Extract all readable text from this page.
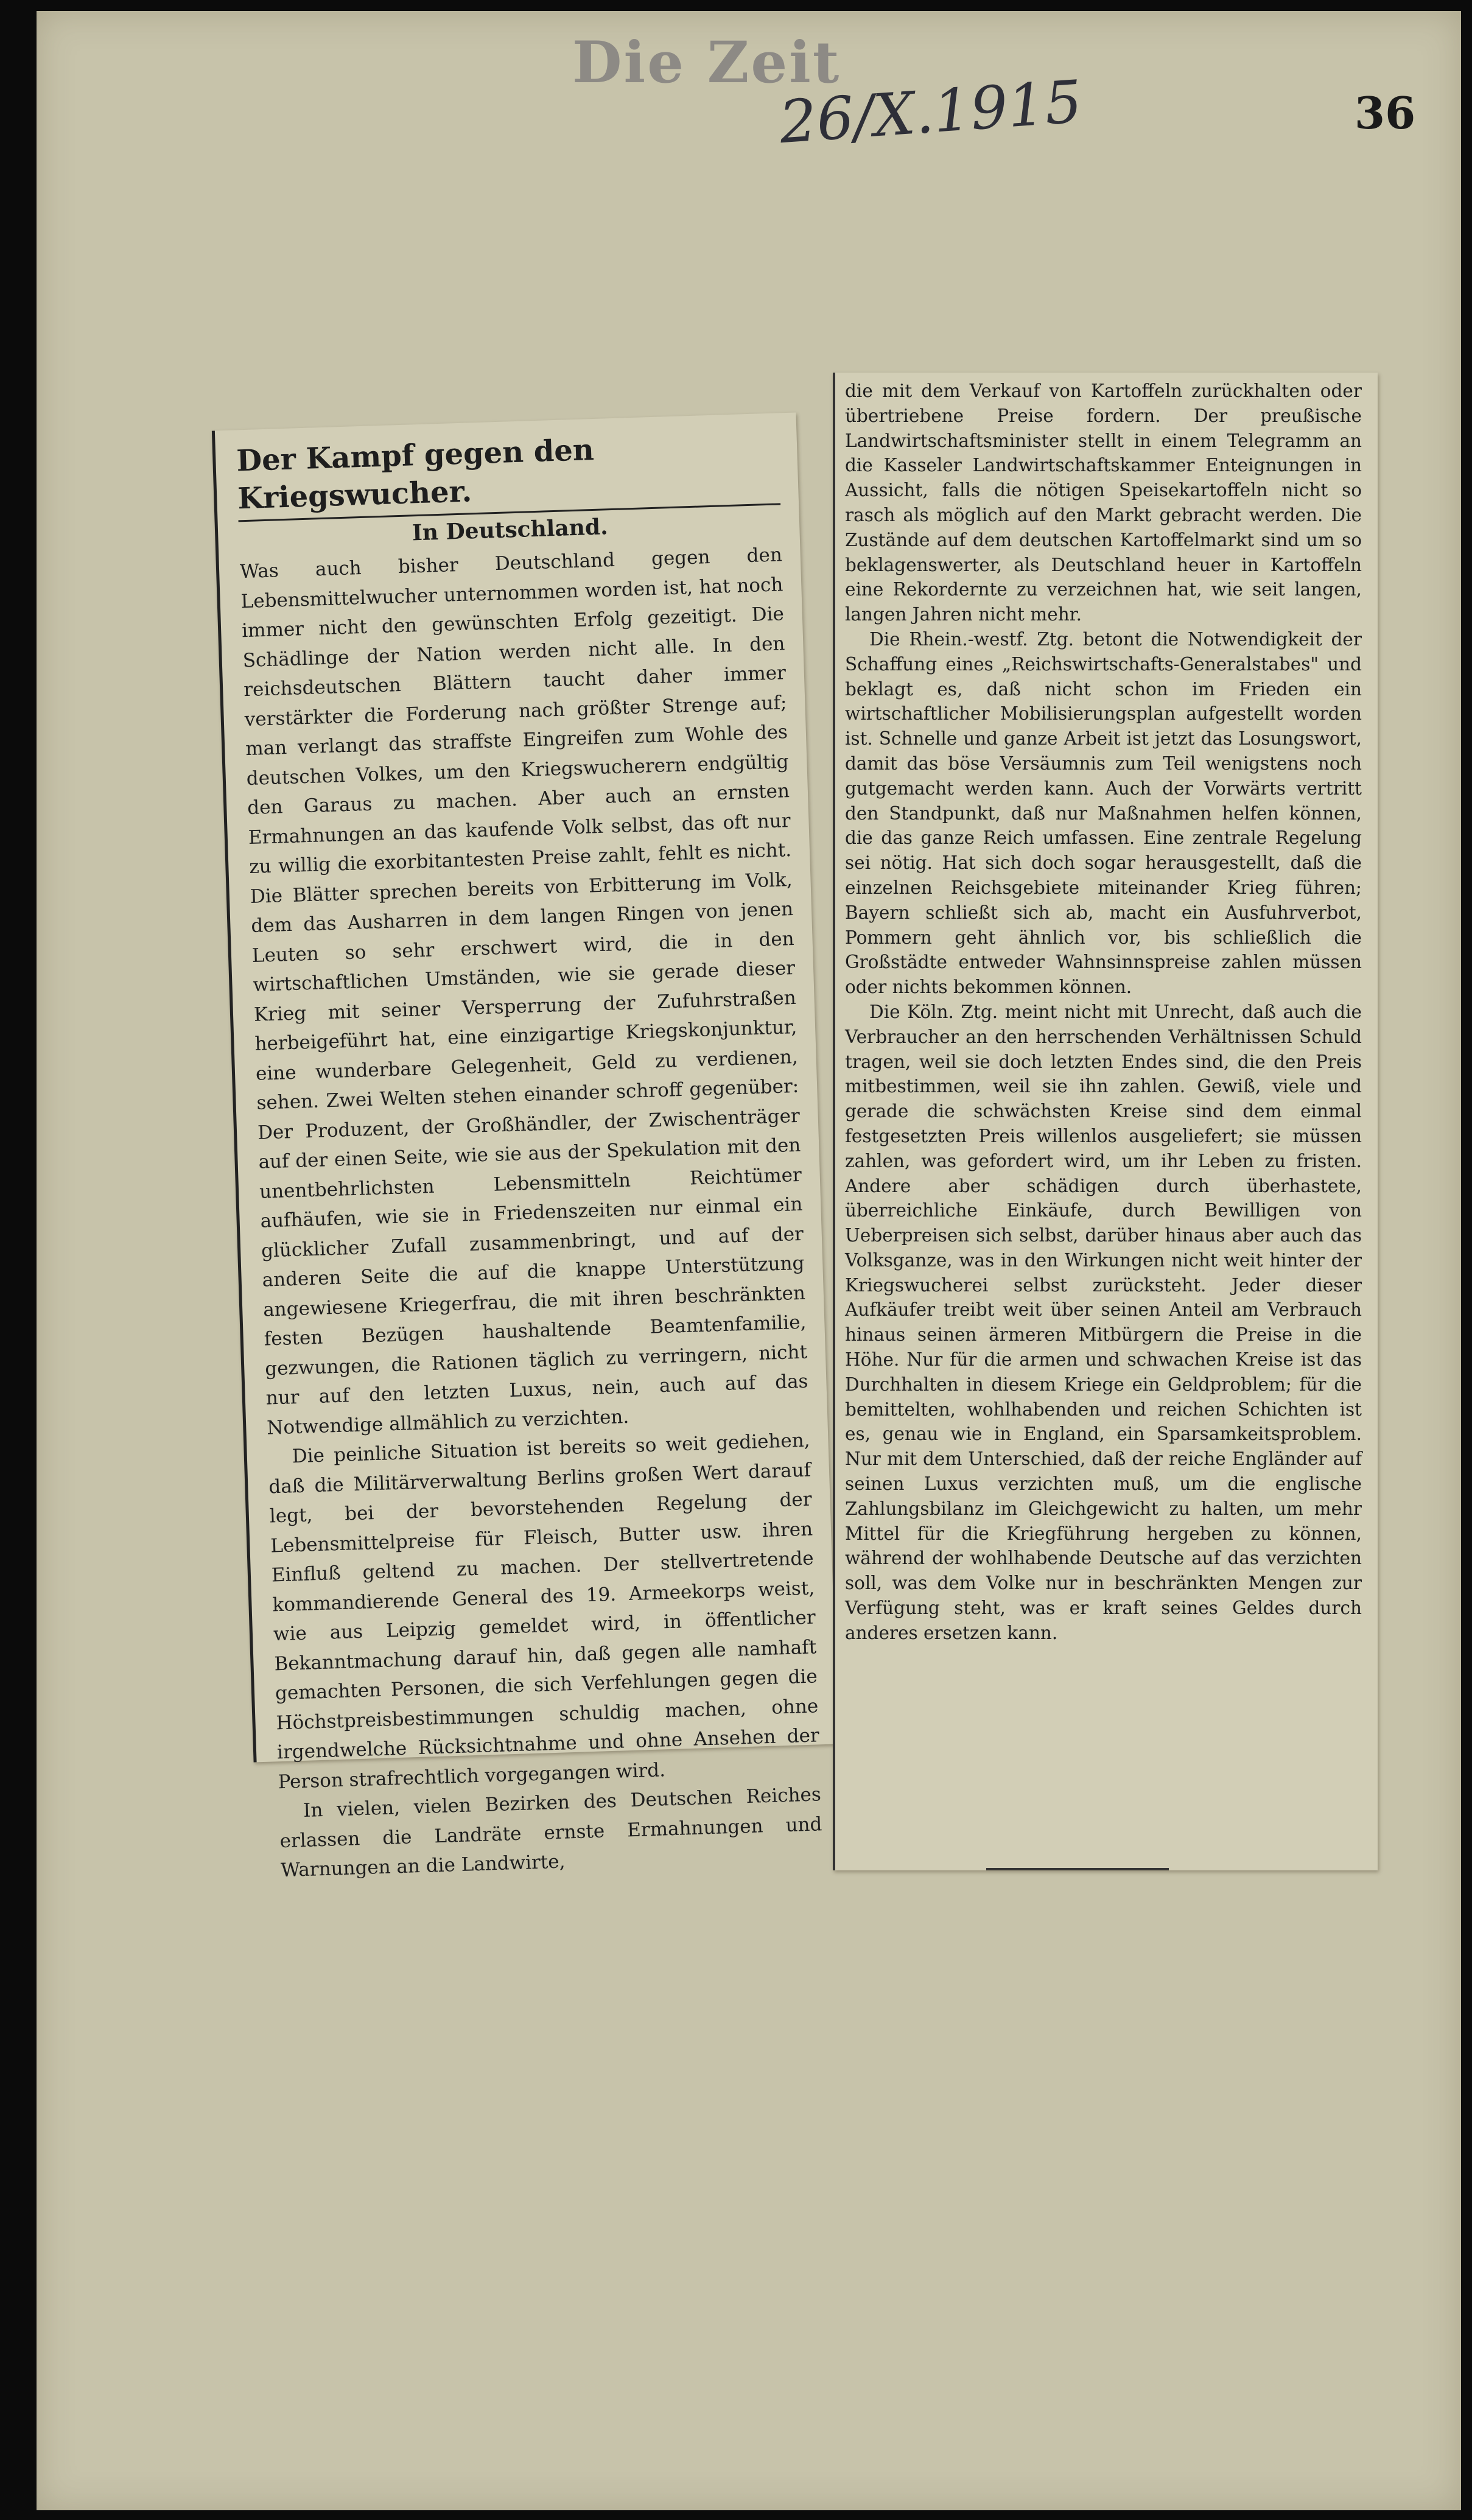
Die Zeit
26/X.1915	36
Der Kampf gegen den Kriegswucher.
In Deutschland.

Was auch bisher Deutschland gegen den Lebensmittelwucher unternommen worden ist, hat noch immer nicht den gewünschten Erfolg gezeitigt. Die Schädlinge der Nation werden nicht alle. In den reichsdeutschen Blättern taucht daher immer verstärkter die Forderung nach größter Strenge auf; man verlangt das straffste Eingreifen zum Wohle des deutschen Volkes, um den Kriegswucherern endgültig den Garaus zu machen. Aber auch an ernsten Ermahnungen an das kaufende Volk selbst, das oft nur zu willig die exorbitantesten Preise zahlt, fehlt es nicht. Die Blätter sprechen bereits von Erbitterung im Volk, dem das Ausharren in dem langen Ringen von jenen Leuten so sehr erschwert wird, die in den wirtschaftlichen Umständen, wie sie gerade dieser Krieg mit seiner Versperrung der Zufuhrstraßen herbeigeführt hat, eine einzigartige Kriegskonjunktur, eine wunderbare Gelegenheit, Geld zu verdienen, sehen. Zwei Welten stehen einander schroff gegenüber: Der Produzent, der Großhändler, der Zwischenträger auf der einen Seite, wie sie aus der Spekulation mit den unentbehrlichsten Lebensmitteln Reichtümer aufhäufen, wie sie in Friedenszeiten nur einmal ein glücklicher Zufall zusammenbringt, und auf der anderen Seite die auf die knappe Unterstützung angewiesene Kriegerfrau, die mit ihren beschränkten festen Bezügen haushaltende Beamtenfamilie, gezwungen, die Rationen täglich zu verringern, nicht nur auf den letzten Luxus, nein, auch auf das Notwendige allmählich zu verzichten.

Die peinliche Situation ist bereits so weit gediehen, daß die Militärverwaltung Berlins großen Wert darauf legt, bei der bevorstehenden Regelung der Lebensmittelpreise für Fleisch, Butter usw. ihren Einfluß geltend zu machen. Der stellvertretende kommandierende General des 19. Armeekorps weist, wie aus Leipzig gemeldet wird, in öffentlicher Bekanntmachung darauf hin, daß gegen alle namhaft gemachten Personen, die sich Verfehlungen gegen die Höchstpreisbestimmungen schuldig machen, ohne irgendwelche Rücksichtnahme und ohne Ansehen der Person strafrechtlich vorgegangen wird.

In vielen, vielen Bezirken des Deutschen Reiches erlassen die Landräte ernste Ermahnungen und Warnungen an die Landwirte,

die mit dem Verkauf von Kartoffeln zurückhalten oder übertriebene Preise fordern. Der preußische Landwirtschaftsminister stellt in einem Telegramm an die Kasseler Landwirtschaftskammer Enteignungen in Aussicht, falls die nötigen Speisekartoffeln nicht so rasch als möglich auf den Markt gebracht werden. Die Zustände auf dem deutschen Kartoffelmarkt sind um so beklagenswerter, als Deutschland heuer in Kartoffeln eine Rekordernte zu verzeichnen hat, wie seit langen, langen Jahren nicht mehr.

Die Rhein.-westf. Ztg. betont die Notwendigkeit der Schaffung eines „Reichswirtschafts-Generalstabes" und beklagt es, daß nicht schon im Frieden ein wirtschaftlicher Mobilisierungsplan aufgestellt worden ist. Schnelle und ganze Arbeit ist jetzt das Losungswort, damit das böse Versäumnis zum Teil wenigstens noch gutgemacht werden kann. Auch der Vorwärts vertritt den Standpunkt, daß nur Maßnahmen helfen können, die das ganze Reich umfassen. Eine zentrale Regelung sei nötig. Hat sich doch sogar herausgestellt, daß die einzelnen Reichsgebiete miteinander Krieg führen; Bayern schließt sich ab, macht ein Ausfuhrverbot, Pommern geht ähnlich vor, bis schließlich die Großstädte entweder Wahnsinnspreise zahlen müssen oder nichts bekommen können.

Die Köln. Ztg. meint nicht mit Unrecht, daß auch die Verbraucher an den herrschenden Verhältnissen Schuld tragen, weil sie doch letzten Endes sind, die den Preis mitbestimmen, weil sie ihn zahlen. Gewiß, viele und gerade die schwächsten Kreise sind dem einmal festgesetzten Preis willenlos ausgeliefert; sie müssen zahlen, was gefordert wird, um ihr Leben zu fristen. Andere aber schädigen durch überhastete, überreichliche Einkäufe, durch Bewilligen von Ueberpreisen sich selbst, darüber hinaus aber auch das Volksganze, was in den Wirkungen nicht weit hinter der Kriegswucherei selbst zurücksteht. Jeder dieser Aufkäufer treibt weit über seinen Anteil am Verbrauch hinaus seinen ärmeren Mitbürgern die Preise in die Höhe. Nur für die armen und schwachen Kreise ist das Durchhalten in diesem Kriege ein Geldproblem; für die bemittelten, wohlhabenden und reichen Schichten ist es, genau wie in England, ein Sparsamkeitsproblem. Nur mit dem Unterschied, daß der reiche Engländer auf seinen Luxus verzichten muß, um die englische Zahlungsbilanz im Gleichgewicht zu halten, um mehr Mittel für die Kriegführung hergeben zu können, während der wohlhabende Deutsche auf das verzichten soll, was dem Volke nur in beschränkten Mengen zur Verfügung steht, was er kraft seines Geldes durch anderes ersetzen kann.
